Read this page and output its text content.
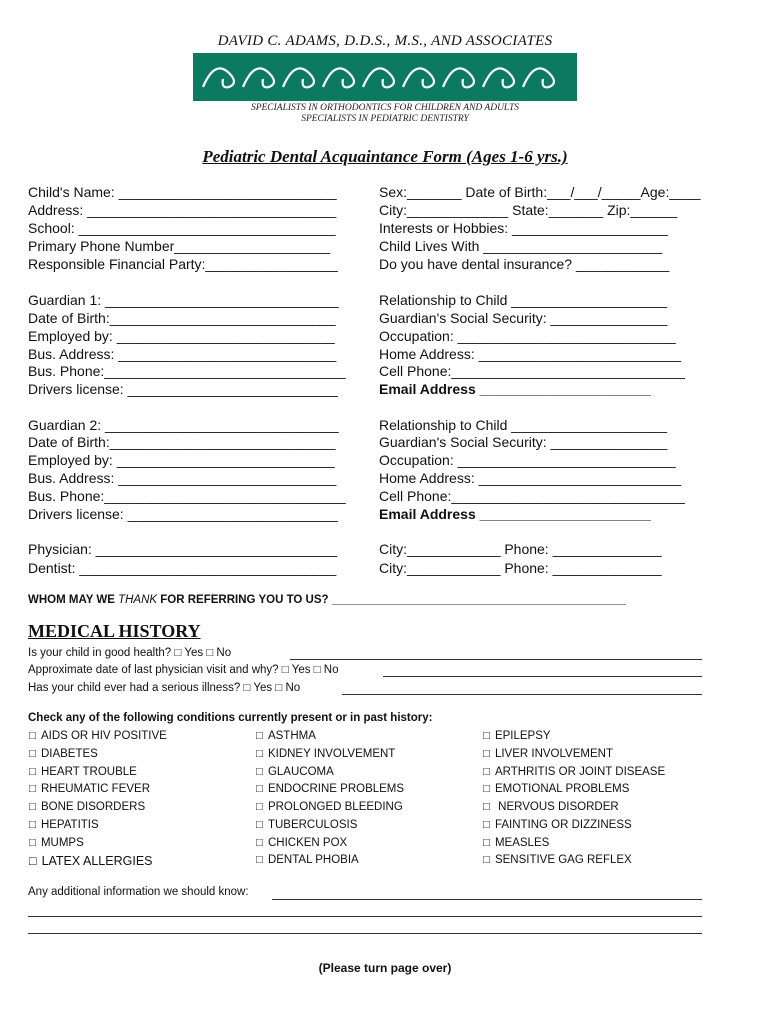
DAVID C. ADAMS, D.D.S., M.S., AND ASSOCIATES
SPECIALISTS IN ORTHODONTICS FOR CHILDREN AND ADULTS
SPECIALISTS IN PEDIATRIC DENTISTRY
Pediatric Dental Acquaintance Form (Ages 1-6 yrs.)
Child's Name: ____________________________
Address: ________________________________
School: _________________________________
Primary Phone Number____________________
Responsible Financial Party:_________________
Sex:_______ Date of Birth:___/___/_____Age:____
City:_____________ State:_______ Zip:______
Interests or Hobbies: ____________________
Child Lives With _______________________
Do you have dental insurance? ____________
Guardian 1: ______________________________
Date of Birth:_____________________________
Employed by: ____________________________
Bus. Address: ____________________________
Bus. Phone:_______________________________
Drivers license: ___________________________
Relationship to Child ____________________
Guardian's Social Security: _______________
Occupation: ____________________________
Home Address: __________________________
Cell Phone:______________________________
Email Address ______________________
Guardian 2: ______________________________
Date of Birth:_____________________________
Employed by: ____________________________
Bus. Address: ____________________________
Bus. Phone:_______________________________
Drivers license: ___________________________
Relationship to Child ____________________
Guardian's Social Security: _______________
Occupation: ____________________________
Home Address: __________________________
Cell Phone:______________________________
Email Address ______________________
Physician: _______________________________
Dentist: _________________________________
City:____________ Phone: ______________
City:____________ Phone: ______________
WHOM MAY WE THANK FOR REFERRING YOU TO US? ______________________________________________
MEDICAL HISTORY
Is your child in good health? □ Yes □ No
Approximate date of last physician visit and why? □ Yes □ No
Has your child ever had a serious illness? □ Yes □ No
Check any of the following conditions currently present or in past history:
□ AIDS OR HIV POSITIVE
□ DIABETES
□ HEART TROUBLE
□ RHEUMATIC FEVER
□ BONE DISORDERS
□ HEPATITIS
□ MUMPS
□ LATEX ALLERGIES
□ ASTHMA
□ KIDNEY INVOLVEMENT
□ GLAUCOMA
□ ENDOCRINE PROBLEMS
□ PROLONGED BLEEDING
□ TUBERCULOSIS
□ CHICKEN POX
□ DENTAL PHOBIA
□ EPILEPSY
□ LIVER INVOLVEMENT
□ ARTHRITIS OR JOINT DISEASE
□ EMOTIONAL PROBLEMS
□ NERVOUS DISORDER
□ FAINTING OR DIZZINESS
□ MEASLES
□ SENSITIVE GAG REFLEX
Any additional information we should know:
(Please turn page over)
